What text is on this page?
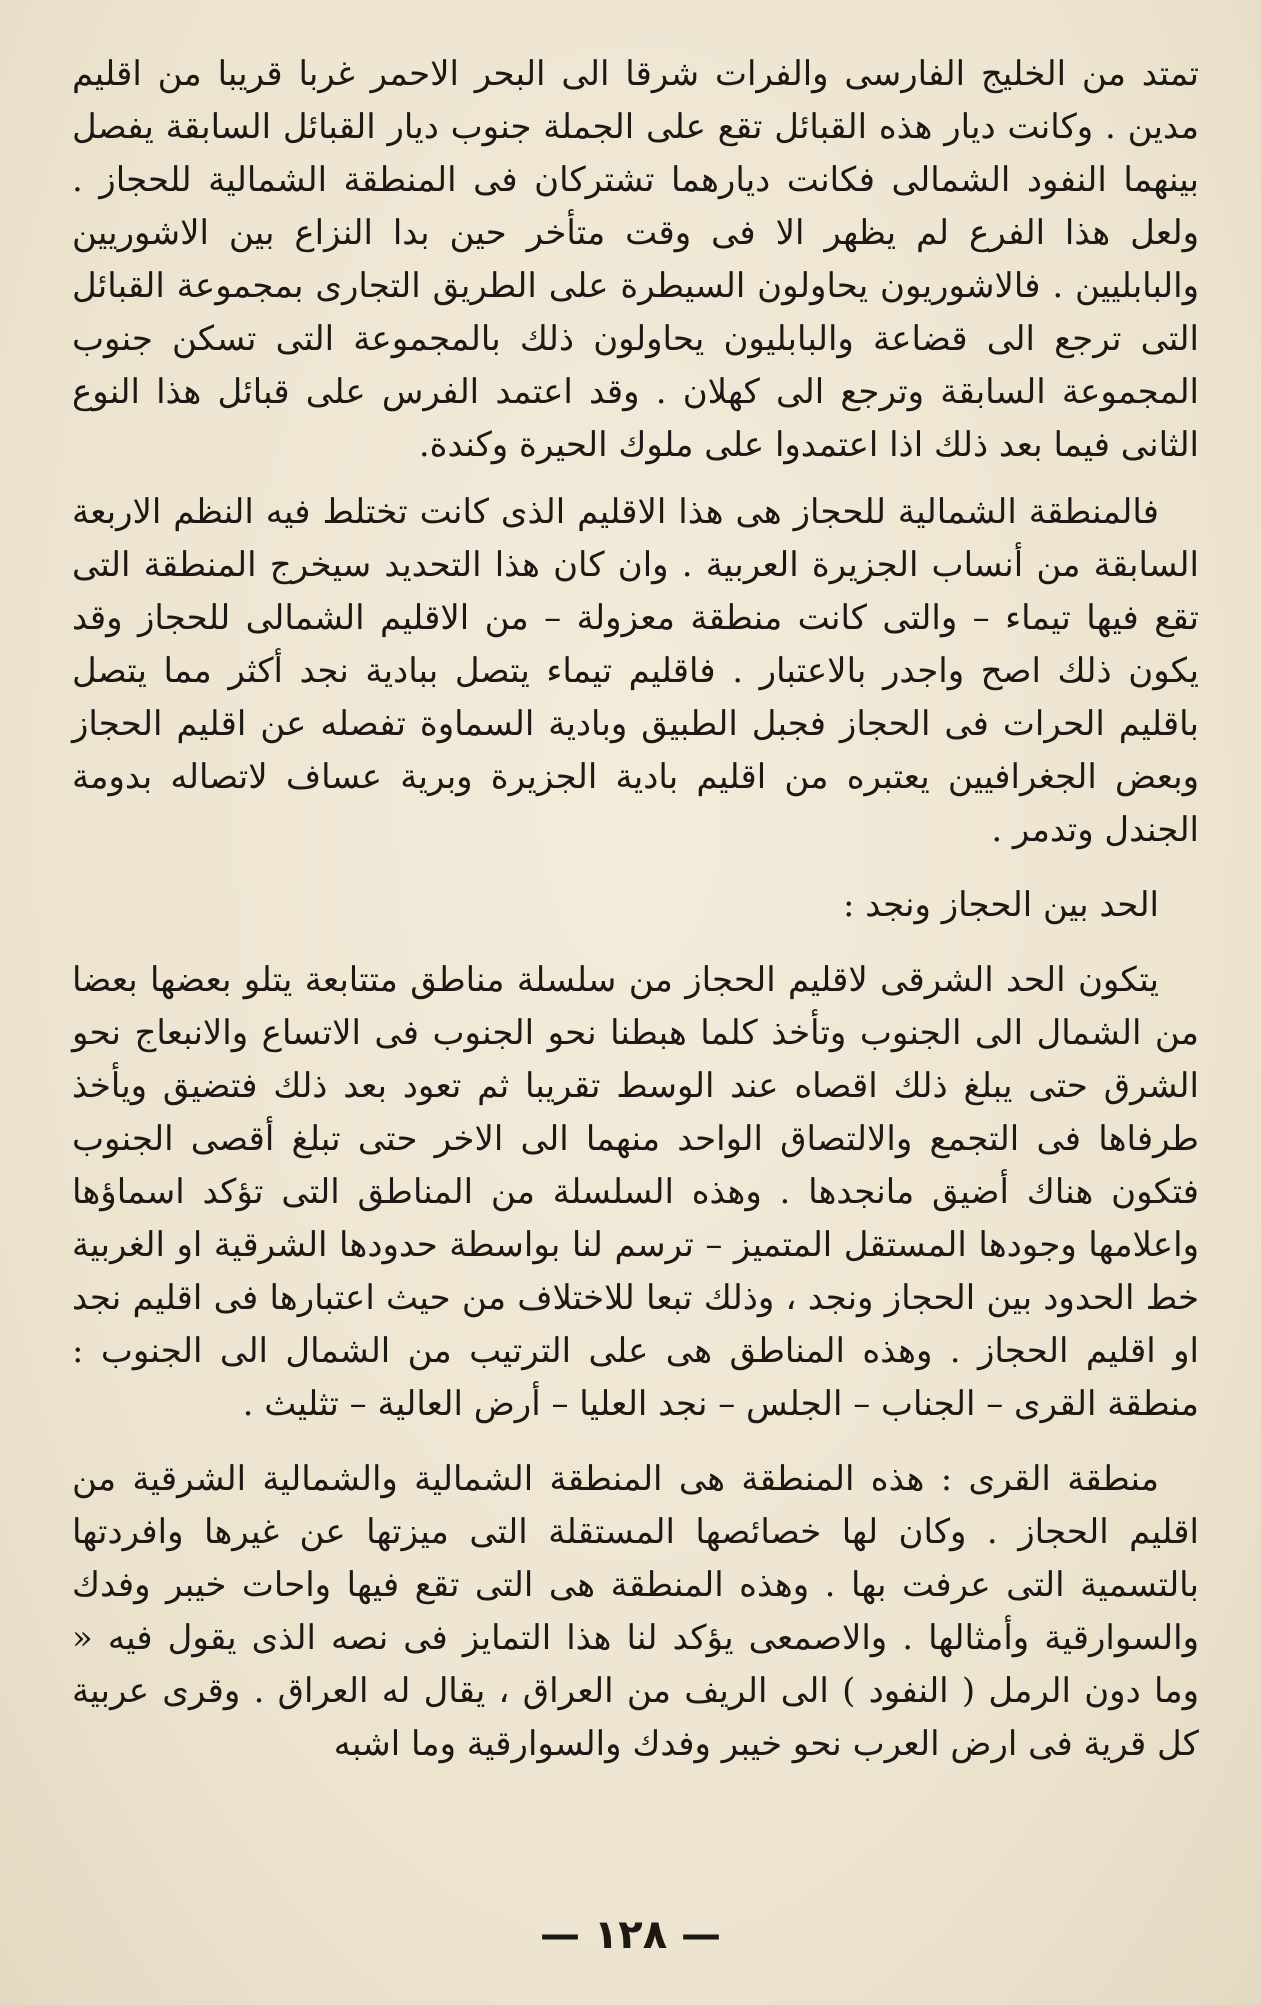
تمتد من الخليج الفارسى والفرات شرقا الى البحر الاحمر غربا قريبا من اقليم مدين . وكانت ديار هذه القبائل تقع على الجملة جنوب ديار القبائل السابقة يفصل بينهما النفود الشمالى فكانت ديارهما تشتركان فى المنطقة الشمالية للحجاز . ولعل هذا الفرع لم يظهر الا فى وقت متأخر حين بدا النزاع بين الاشوريين والبابليين . فالاشوريون يحاولون السيطرة على الطريق التجارى بمجموعة القبائل التى ترجع الى قضاعة والبابليون يحاولون ذلك بالمجموعة التى تسكن جنوب المجموعة السابقة وترجع الى كهلان . وقد اعتمد الفرس على قبائل هذا النوع الثانى فيما بعد ذلك اذا اعتمدوا على ملوك الحيرة وكندة.

فالمنطقة الشمالية للحجاز هى هذا الاقليم الذى كانت تختلط فيه النظم الاربعة السابقة من أنساب الجزيرة العربية . وان كان هذا التحديد سيخرج المنطقة التى تقع فيها تيماء – والتى كانت منطقة معزولة – من الاقليم الشمالى للحجاز وقد يكون ذلك اصح واجدر بالاعتبار . فاقليم تيماء يتصل ببادية نجد أكثر مما يتصل باقليم الحرات فى الحجاز فجبل الطبيق وبادية السماوة تفصله عن اقليم الحجاز وبعض الجغرافيين يعتبره من اقليم بادية الجزيرة وبرية عساف لاتصاله بدومة الجندل وتدمر .

الحد بين الحجاز ونجد :

يتكون الحد الشرقى لاقليم الحجاز من سلسلة مناطق متتابعة يتلو بعضها بعضا من الشمال الى الجنوب وتأخذ كلما هبطنا نحو الجنوب فى الاتساع والانبعاج نحو الشرق حتى يبلغ ذلك اقصاه عند الوسط تقريبا ثم تعود بعد ذلك فتضيق ويأخذ طرفاها فى التجمع والالتصاق الواحد منهما الى الاخر حتى تبلغ أقصى الجنوب فتكون هناك أضيق مانجدها . وهذه السلسلة من المناطق التى تؤكد اسماؤها واعلامها وجودها المستقل المتميز – ترسم لنا بواسطة حدودها الشرقية او الغربية خط الحدود بين الحجاز ونجد ، وذلك تبعا للاختلاف من حيث اعتبارها فى اقليم نجد او اقليم الحجاز . وهذه المناطق هى على الترتيب من الشمال الى الجنوب : منطقة القرى – الجناب – الجلس – نجد العليا – أرض العالية – تثليث .

منطقة القرى : هذه المنطقة هى المنطقة الشمالية والشمالية الشرقية من اقليم الحجاز . وكان لها خصائصها المستقلة التى ميزتها عن غيرها وافردتها بالتسمية التى عرفت بها . وهذه المنطقة هى التى تقع فيها واحات خيبر وفدك والسوارقية وأمثالها . والاصمعى يؤكد لنا هذا التمايز فى نصه الذى يقول فيه « وما دون الرمل ( النفود ) الى الريف من العراق ، يقال له العراق . وقرى عربية كل قرية فى ارض العرب نحو خيبر وفدك والسوارقية وما اشبه

— ١٢٨ —
